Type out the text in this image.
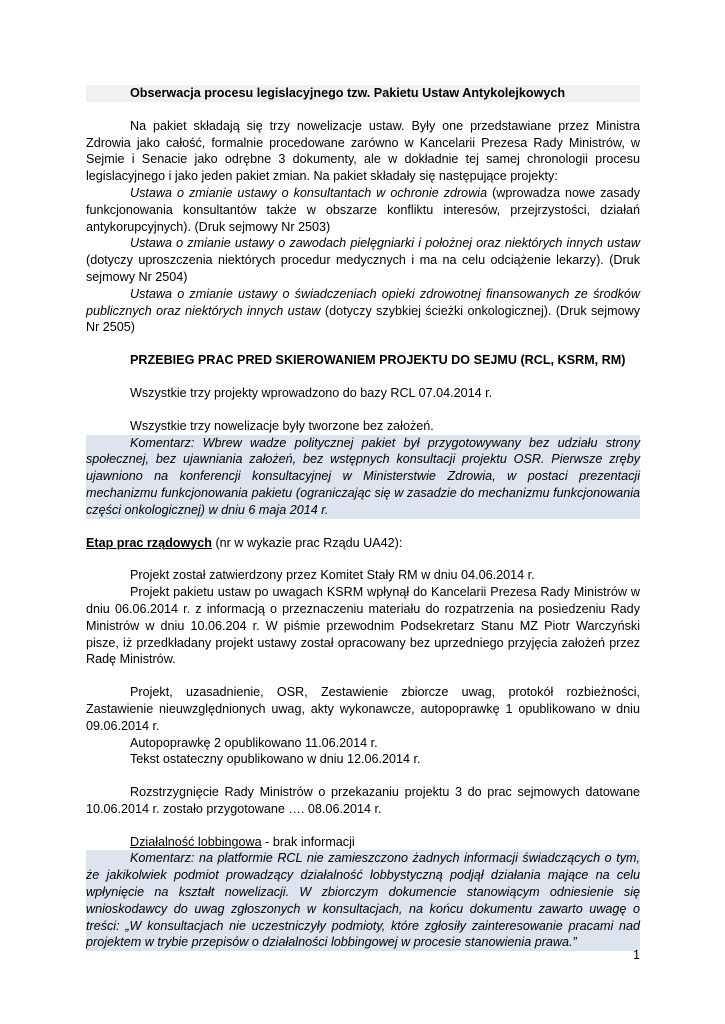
Obserwacja procesu legislacyjnego tzw. Pakietu Ustaw Antykolejkowych

Na pakiet składają się trzy nowelizacje ustaw. Były one przedstawiane przez Ministra Zdrowia jako całość, formalnie procedowane zarówno w Kancelarii Prezesa Rady Ministrów, w Sejmie i Senacie jako odrębne 3 dokumenty, ale w dokładnie tej samej chronologii procesu legislacyjnego i jako jeden pakiet zmian. Na pakiet składały się następujące projekty:

Ustawa o zmianie ustawy o konsultantach w ochronie zdrowia (wprowadza nowe zasady funkcjonowania konsultantów także w obszarze konfliktu interesów, przejrzystości, działań antykorupcyjnych). (Druk sejmowy Nr 2503)

Ustawa o zmianie ustawy o zawodach pielęgniarki i położnej oraz niektórych innych ustaw (dotyczy uproszczenia niektórych procedur medycznych i ma na celu odciążenie lekarzy). (Druk sejmowy Nr 2504)

Ustawa o zmianie ustawy o świadczeniach opieki zdrowotnej finansowanych ze środków publicznych oraz niektórych innych ustaw (dotyczy szybkiej ścieżki onkologicznej). (Druk sejmowy Nr 2505)

PRZEBIEG PRAC PRED SKIEROWANIEM PROJEKTU DO SEJMU (RCL, KSRM, RM)

Wszystkie trzy projekty wprowadzono do bazy RCL 07.04.2014 r.

Wszystkie trzy nowelizacje były tworzone bez założeń.

Komentarz: Wbrew wadze politycznej pakiet był przygotowywany bez udziału strony społecznej, bez ujawniania założeń, bez wstępnych konsultacji projektu OSR. Pierwsze zręby ujawniono na konferencji konsultacyjnej w Ministerstwie Zdrowia, w postaci prezentacji mechanizmu funkcjonowania pakietu (ograniczając się w zasadzie do mechanizmu funkcjonowania części onkologicznej) w dniu 6 maja 2014 r.

Etap prac rządowych (nr w wykazie prac Rządu UA42):

Projekt został zatwierdzony przez Komitet Stały RM w dniu 04.06.2014 r.

Projekt pakietu ustaw po uwagach KSRM wpłynął do Kancelarii Prezesa Rady Ministrów w dniu 06.06.2014 r. z informacją o przeznaczeniu materiału do rozpatrzenia na posiedzeniu Rady Ministrów w dniu 10.06.204 r. W piśmie przewodnim Podsekretarz Stanu MZ Piotr Warczyński pisze, iż przedkładany projekt ustawy został opracowany bez uprzedniego przyjęcia założeń przez Radę Ministrów.

Projekt, uzasadnienie, OSR, Zestawienie zbiorcze uwag, protokół rozbieżności, Zastawienie nieuwzględnionych uwag, akty wykonawcze, autopoprawkę 1 opublikowano w dniu 09.06.2014 r.

Autopoprawkę 2 opublikowano 11.06.2014 r.

Tekst ostateczny opublikowano w dniu 12.06.2014 r.

Rozstrzygnięcie Rady Ministrów o przekazaniu projektu 3 do prac sejmowych datowane 10.06.2014 r. zostało przygotowane …. 08.06.2014 r.

Działalność lobbingowa - brak informacji

Komentarz: na platformie RCL nie zamieszczono żadnych informacji świadczących o tym, że jakikolwiek podmiot prowadzący działalność lobbystyczną podjął działania mające na celu wpłynięcie na kształt nowelizacji. W zbiorczym dokumencie stanowiącym odniesienie się wnioskodawcy do uwag zgłoszonych w konsultacjach, na końcu dokumentu zawarto uwagę o treści: „W konsultacjach nie uczestniczyły podmioty, które zgłosiły zainteresowanie pracami nad projektem w trybie przepisów o działalności lobbingowej w procesie stanowienia prawa.”

1
